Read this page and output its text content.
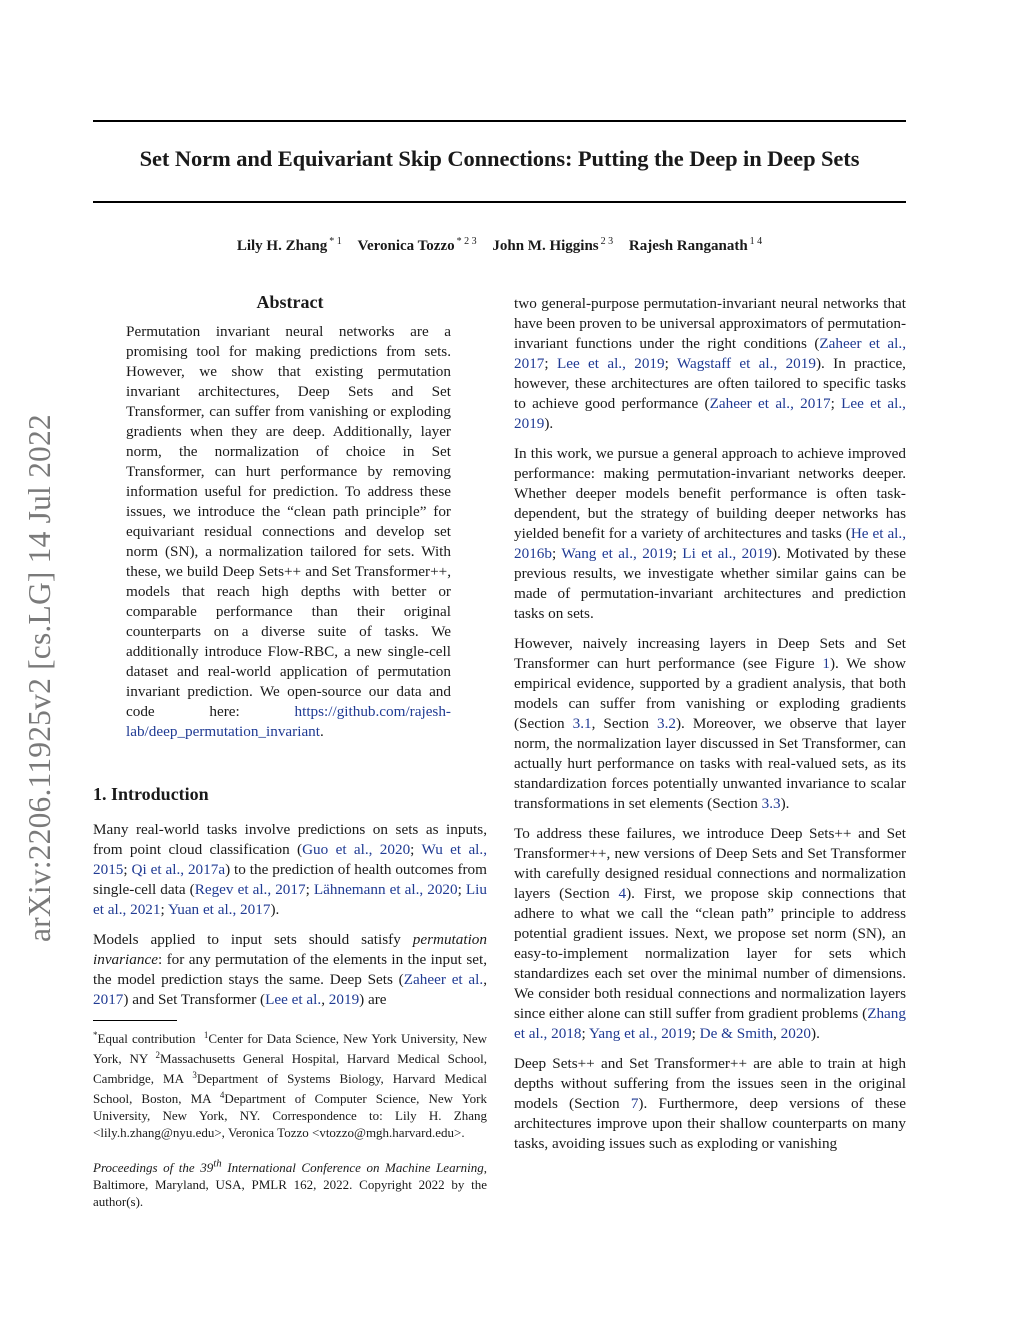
Set Norm and Equivariant Skip Connections: Putting the Deep in Deep Sets
Lily H. Zhang $^{* 1}$ Veronica Tozzo $^{* 2 3}$ John M. Higgins $^{2 3}$ Rajesh Ranganath $^{1 4}$
arXiv:2206.11925v2 [cs.LG] 14 Jul 2022
Abstract

Permutation invariant neural networks are a promising tool for making predictions from sets. However, we show that existing permutation invariant architectures, Deep Sets and Set Transformer, can suffer from vanishing or exploding gradients when they are deep. Additionally, layer norm, the normalization of choice in Set Transformer, can hurt performance by removing information useful for prediction. To address these issues, we introduce the “clean path principle” for equivariant residual connections and develop set norm (SN), a normalization tailored for sets. With these, we build Deep Sets++ and Set Transformer++, models that reach high depths with better or comparable performance than their original counterparts on a diverse suite of tasks. We additionally introduce Flow-RBC, a new single-cell dataset and real-world application of permutation invariant prediction. We open-source our data and code here: https://github.com/rajesh-lab/deep_permutation_invariant.

1. Introduction

Many real-world tasks involve predictions on sets as inputs, from point cloud classification (Guo et al., 2020; Wu et al., 2015; Qi et al., 2017a) to the prediction of health outcomes from single-cell data (Regev et al., 2017; Lähnemann et al., 2020; Liu et al., 2021; Yuan et al., 2017).

Models applied to input sets should satisfy permutation invariance: for any permutation of the elements in the input set, the model prediction stays the same. Deep Sets (Zaheer et al., 2017) and Set Transformer (Lee et al., 2019) are

*Equal contribution  $^1$Center for Data Science, New York University, New York, NY $^2$Massachusetts General Hospital, Harvard Medical School, Cambridge, MA $^3$Department of Systems Biology, Harvard Medical School, Boston, MA $^4$Department of Computer Science, New York University, New York, NY. Correspondence to: Lily H. Zhang <lily.h.zhang@nyu.edu>, Veronica Tozzo <vtozzo@mgh.harvard.edu>.
Proceedings of the 39th International Conference on Machine Learning, Baltimore, Maryland, USA, PMLR 162, 2022. Copyright 2022 by the author(s).

two general-purpose permutation-invariant neural networks that have been proven to be universal approximators of permutation-invariant functions under the right conditions (Zaheer et al., 2017; Lee et al., 2019; Wagstaff et al., 2019). In practice, however, these architectures are often tailored to specific tasks to achieve good performance (Zaheer et al., 2017; Lee et al., 2019).

In this work, we pursue a general approach to achieve improved performance: making permutation-invariant networks deeper. Whether deeper models benefit performance is often task-dependent, but the strategy of building deeper networks has yielded benefit for a variety of architectures and tasks (He et al., 2016b; Wang et al., 2019; Li et al., 2019). Motivated by these previous results, we investigate whether similar gains can be made of permutation-invariant architectures and prediction tasks on sets.

However, naively increasing layers in Deep Sets and Set Transformer can hurt performance (see Figure 1). We show empirical evidence, supported by a gradient analysis, that both models can suffer from vanishing or exploding gradients (Section 3.1, Section 3.2). Moreover, we observe that layer norm, the normalization layer discussed in Set Transformer, can actually hurt performance on tasks with real-valued sets, as its standardization forces potentially unwanted invariance to scalar transformations in set elements (Section 3.3).

To address these failures, we introduce Deep Sets++ and Set Transformer++, new versions of Deep Sets and Set Transformer with carefully designed residual connections and normalization layers (Section 4). First, we propose skip connections that adhere to what we call the “clean path” principle to address potential gradient issues. Next, we propose set norm (SN), an easy-to-implement normalization layer for sets which standardizes each set over the minimal number of dimensions. We consider both residual connections and normalization layers since either alone can still suffer from gradient problems (Zhang et al., 2018; Yang et al., 2019; De & Smith, 2020).

Deep Sets++ and Set Transformer++ are able to train at high depths without suffering from the issues seen in the original models (Section 7). Furthermore, deep versions of these architectures improve upon their shallow counterparts on many tasks, avoiding issues such as exploding or vanishing
